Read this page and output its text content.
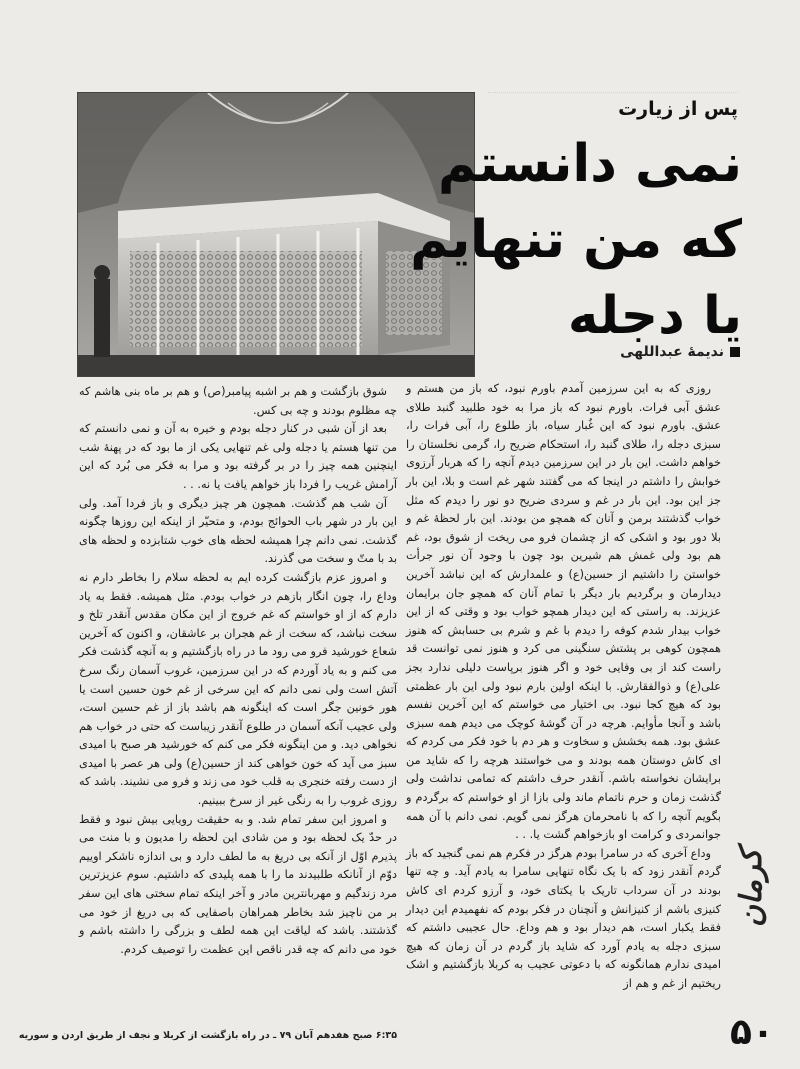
پس از زیارت
نمی دانستم
که من تنهایم
یا دجله
ندیمهٔ عبداللهی

روزی که به این سرزمین آمدم باورم نبود، که باز من هستم و عشق آبی فرات. باورم نبود که باز مرا به خود طلبید گنبد طلای عشق. باورم نبود که این غُبار سیاه، باز طلوع را، آبی فرات را، سبزی دجله را، طلای گنبد را، استحکام ضریح را، گرمی نخلستان را خواهم داشت. این بار در این سرزمین دیدم آنچه را که هربار آرزوی خوابش را داشتم در اینجا که می گفتند شهر غم است و بلا، این بار جز این بود. این بار در غم و سردی ضریح دو نور را دیدم که مثل خواب گذشتند برمن و آنان که همچو من بودند. این بار لحظهٔ غم و بلا دور بود و اشکی که از چشمان فرو می ریخت از شوق بود، غم هم بود ولی غمش هم شیرین بود چون با وجود آن نور جرأت خواستن را داشتیم از حسین(ع) و علمدارش که این نباشد آخرین دیدارمان و برگردیم بار دیگر با تمام آنان که همچو جان برایمان عزیزند. به راستی که این دیدار همچو خواب بود و وقتی که از این خواب بیدار شدم کوفه را دیدم با غم و شرم بی حسابش که هنوز همچون کوهی بر پشتش سنگینی می کرد و هنوز نمی توانست قد راست کند از بی وفایی خود و اگر هنوز برپاست دلیلی ندارد بجز علی(ع) و ذوالفقارش. با اینکه اولین بارم نبود ولی این بار عظمتی بود که هیچ کجا نبود. بی اختیار می خواستم که این آخرین نفسم باشد و آنجا مأوایم. هرچه در آن گوشهٔ کوچک می دیدم همه سبزی عشق بود. همه بخشش و سخاوت و هر دم با خود فکر می کردم که ای کاش دوستان همه بودند و می خواستند هرچه را که شاید من برایشان نخواسته باشم. آنقدر حرف داشتم که تمامی نداشت ولی گذشت زمان و حرم ناتمام ماند ولی بازا از او خواستم که برگردم و بگویم آنچه را که با نامحرمان هرگز نمی گویم. نمی دانم با آن همه جوانمردی و کرامت او بازخواهم گشت یا. . .

وداع آخری که در سامرا بودم هرگز در فکرم هم نمی گنجید که باز گردم آنقدر زود که با یک نگاه تنهایی سامرا به یادم آید. و چه تنها بودند در آن سرداب تاریک با یکتای خود، و آرزو کردم ای کاش کنیزی باشم از کنیزانش و آنچنان در فکر بودم که نفهمیدم این دیدار فقط یکبار است، هم دیدار بود و هم وداع. حال عجیبی داشتم که سبزی دجله به یادم آورد که شاید باز گردم در آن زمان که هیچ امیدی ندارم همانگونه که با دعوتی عجیب به کربلا بازگشتیم و اشک ریختیم از غم و هم از

شوق بازگشت و هم بر اشبه پیامبر(ص) و هم بر ماه بنی هاشم که چه مظلوم بودند و چه بی کس.

بعد از آن شبی در کنار دجله بودم و خیره به آن و نمی دانستم که من تنها هستم یا دجله ولی غم تنهایی یکی از ما بود که در پهنهٔ شب اینچنین همه چیز را در بر گرفته بود و مرا به فکر می بُرد که این آرامش غریب را فردا باز خواهم یافت یا نه. . .

آن شب هم گذشت. همچون هر چیز دیگری و باز فردا آمد. ولی این بار در شهر باب الحوائج بودم، و متحیّر از اینکه این روزها چگونه گذشت. نمی دانم چرا همیشه لحظه های خوب شتابزده و لحظه های بد با متّ و سخت می گذرند.

و امروز عزم بازگشت کرده ایم به لحظه سلام را بخاطر دارم نه وداع را، چون انگار بازهم در خواب بودم. مثل همیشه. فقط به یاد دارم که از او خواستم که غم خروج از این مکان مقدس آنقدر تلخ و سخت نباشد، که سخت از غم هجران بر عاشقان، و اکنون که آخرین شعاع خورشید فرو می رود ما در راه بازگشتیم و به آنچه گذشت فکر می کنم و به یاد آوردم که در این سرزمین، غروب آسمان رنگ سرخ آتش است ولی نمی دانم که این سرخی از غم خون حسین است یا هور خونین جگر است که اینگونه هم باشد باز از غم حسین است، ولی عجیب آنکه آسمان در طلوع آنقدر زیباست که حتی در خواب هم نخواهی دید. و من اینگونه فکر می کنم که خورشید هر صبح با امیدی سبز می آید که خون خواهی کند از حسین(ع) ولی هر عصر با امیدی از دست رفته خنجری به قلب خود می زند و فرو می نشیند. باشد که روزی غروب را به رنگی غیر از سرخ ببینیم.

و امروز این سفر تمام شد. و به حقیقت رویایی بیش نبود و فقط در حدّ یک لحظه بود و من شادی این لحظه را مدیون و با منت می پذیرم اوّل از آنکه بی دریغ به ما لطف دارد و بی اندازه ناشکر اوییم دوّم از آنانکه طلبیدند ما را با همه پلیدی که داشتیم. سوم عزیزترین مرد زندگیم و مهربانترین مادر و آخر اینکه تمام سختی های این سفر بر من ناچیز شد بخاطر همراهان باصفایی که بی دریغ از خود می گذشتند. باشد که لیاقت این همه لطف و بزرگی را داشته باشم و خود می دانم که چه قدر ناقص این عظمت را توصیف کردم.

۶:۳۵ صبح هفدهم آبان ۷۹ ـ در راه بازگشت از کربلا و نجف از طریق اردن و سوریه
کرمان
۵۰
